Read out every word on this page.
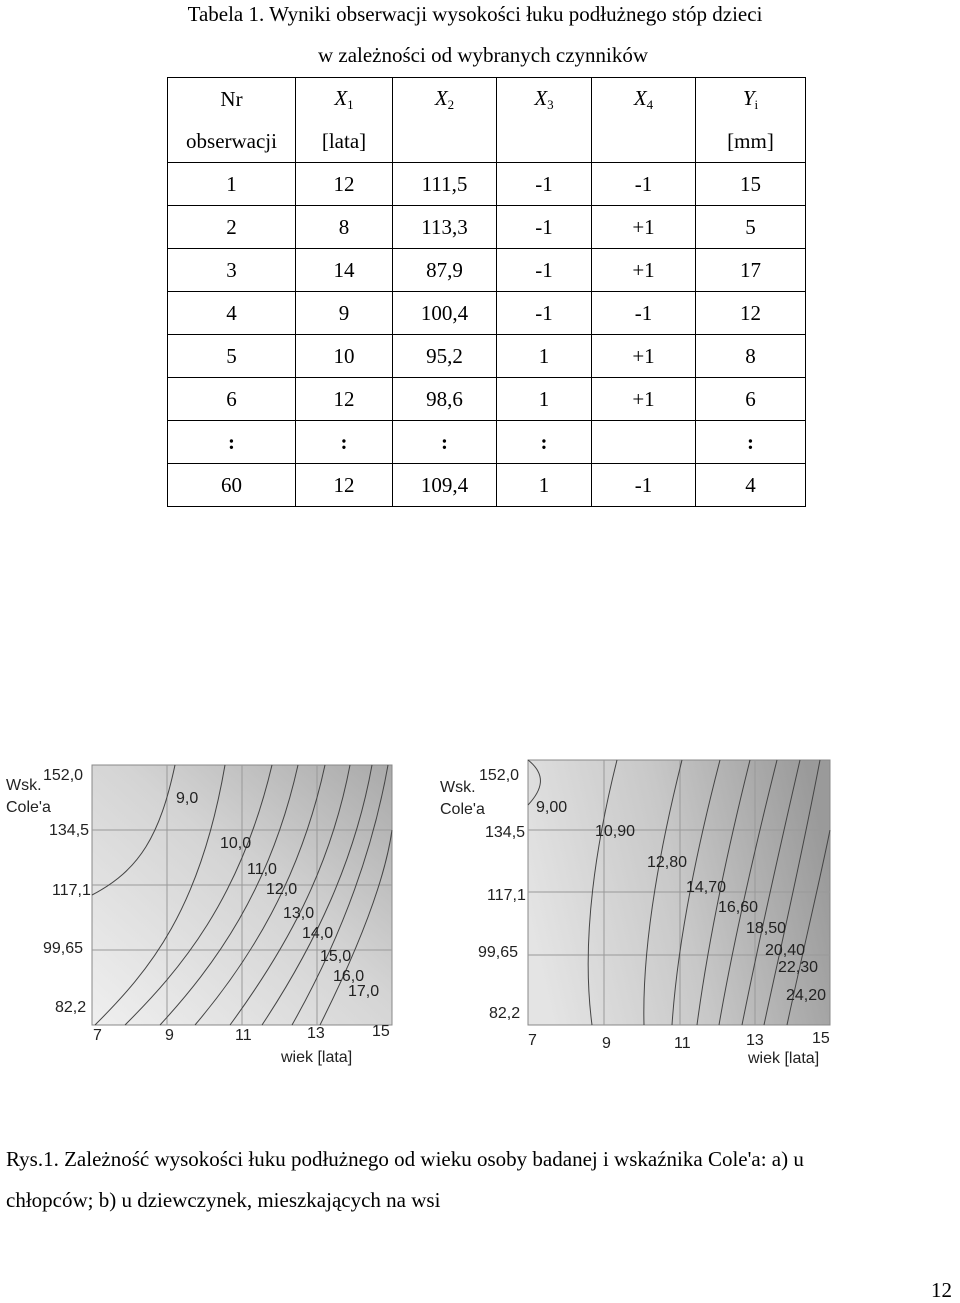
Tabela 1. Wyniki obserwacji wysokości łuku podłużnego stóp dzieci
w zależności od wybranych czynników
Nr	$X_1$	$X_2$	$X_3$	$X_4$	$Y_i$
obserwacji	[lata]				[mm]
1	12	111,5	-1	-1	15
2	8	113,3	-1	+1	5
3	14	87,9	-1	+1	17
4	9	100,4	-1	-1	12
5	10	95,2	1	+1	8
6	12	98,6	1	+1	6
:	:	:	:		:
60	12	109,4	1	-1	4
9,0
10,0
11,0
12,0
13,0
14,0
15,0
16,0
17,0
Wsk.
Cole'a
152,0
134,5
117,1
99,65
82,2
7	9	11	13	15
wiek [lata]
9,00
10,90
12,80
14,70
16,60
18,50
20,40
22,30
24,20
Wsk.
Cole'a
152,0
134,5
117,1
99,65
82,2
7	9	11	13	15
wiek [lata]
Rys.1. Zależność wysokości łuku podłużnego od wieku osoby badanej i wskaźnika Cole'a: a) u
chłopców; b) u dziewczynek, mieszkających na wsi
12
